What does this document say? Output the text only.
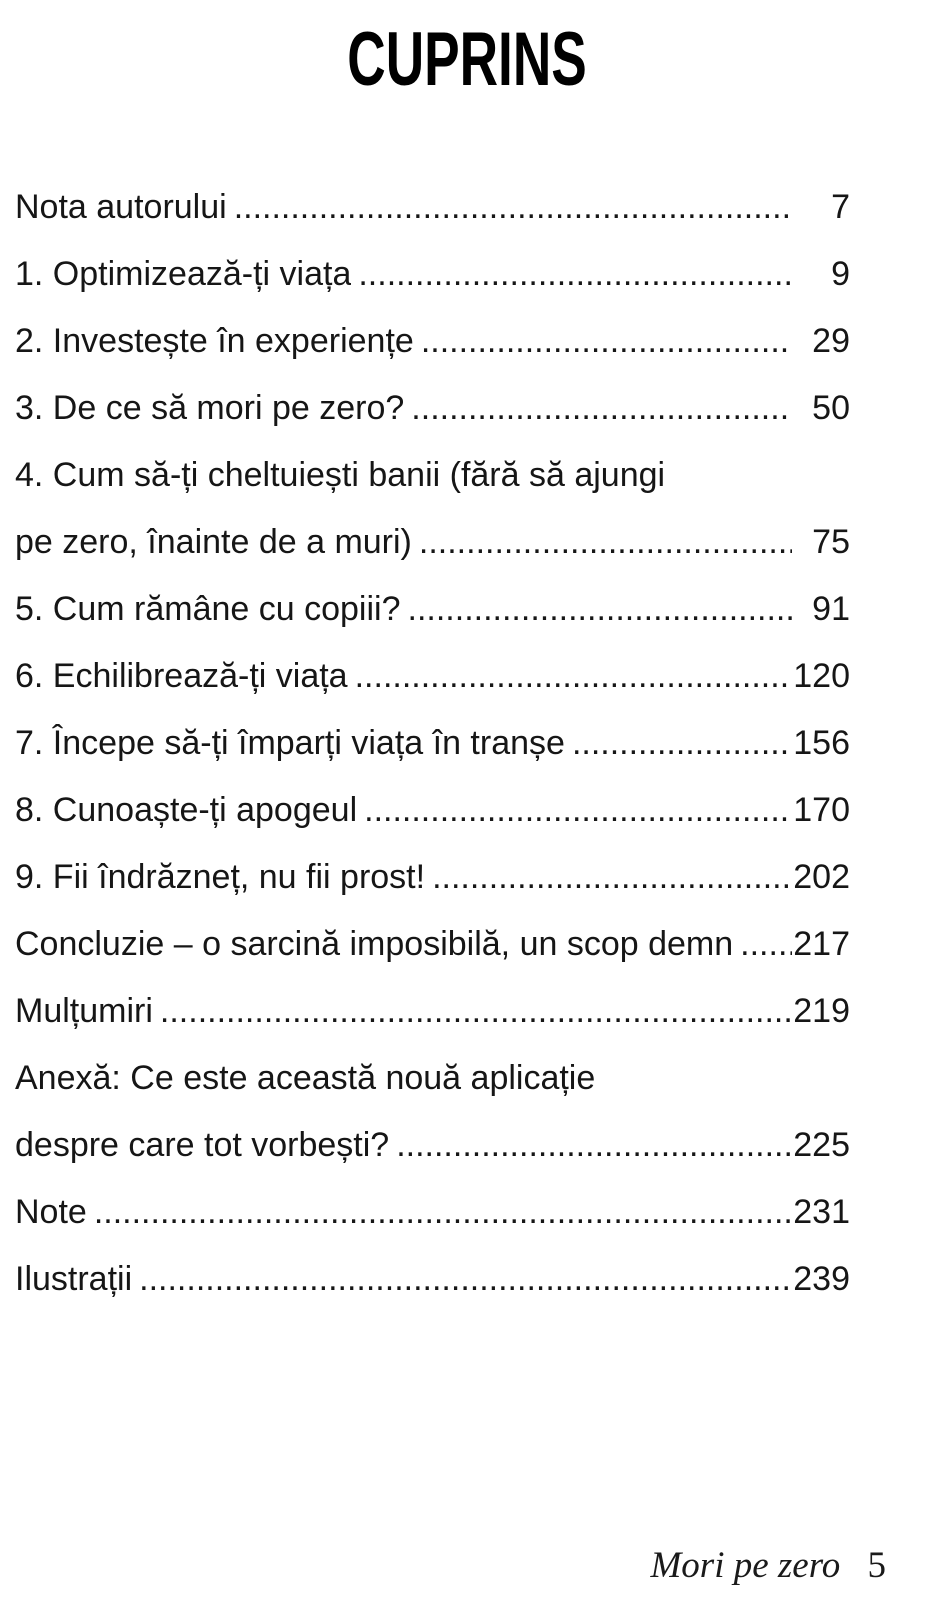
CUPRINS
Nota autorului .....	7
1. Optimizează-ți viața .....	9
2. Investește în experiențe .....	29
3. De ce să mori pe zero? .....	50
4. Cum să-ți cheltuiești banii (fără să ajungi
pe zero, înainte de a muri) .....	75
5. Cum rămâne cu copiii? .....	91
6. Echilibrează-ți viața .....	120
7. Începe să-ți împarți viața în tranșe .....	156
8. Cunoaște-ți apogeul .....	170
9. Fii îndrăzneț, nu fii prost! .....	202
Concluzie – o sarcină imposibilă, un scop demn ..... 217
Mulțumiri .....	219
Anexă: Ce este această nouă aplicație
despre care tot vorbești? .....	225
Note .....	231
Ilustrații .....	239
Mori pe zero 5
